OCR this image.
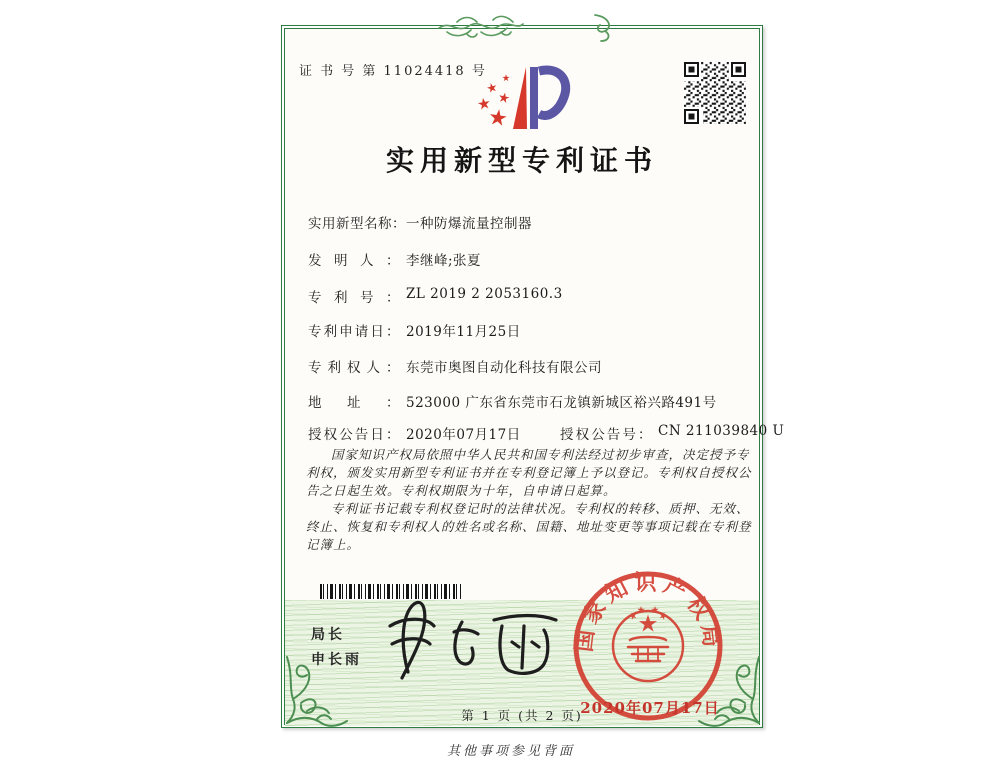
证 书 号 第 11024418 号
实用新型专利证书
实用新型名称：一种防爆流量控制器
发明人： 李继峰;张夏
专利号： ZL 2019 2 2053160.3
专利申请日： 2019年11月25日
专利权人： 东莞市奥图自动化科技有限公司
地址： 523000 广东省东莞市石龙镇新城区裕兴路491号
授权公告日： 2020年07月17日	授权公告号： CN 211039840 U

国家知识产权局依照中华人民共和国专利法经过初步审查，决定授予专利权，颁发实用新型专利证书并在专利登记簿上予以登记。专利权自授权公告之日起生效。专利权期限为十年，自申请日起算。

专利证书记载专利权登记时的法律状况。专利权的转移、质押、无效、终止、恢复和专利权人的姓名或名称、国籍、地址变更等事项记载在专利登记簿上。

局长
申长雨
国家知识产权局
2020年07月17日
第 1 页 (共 2 页)
其他事项参见背面
